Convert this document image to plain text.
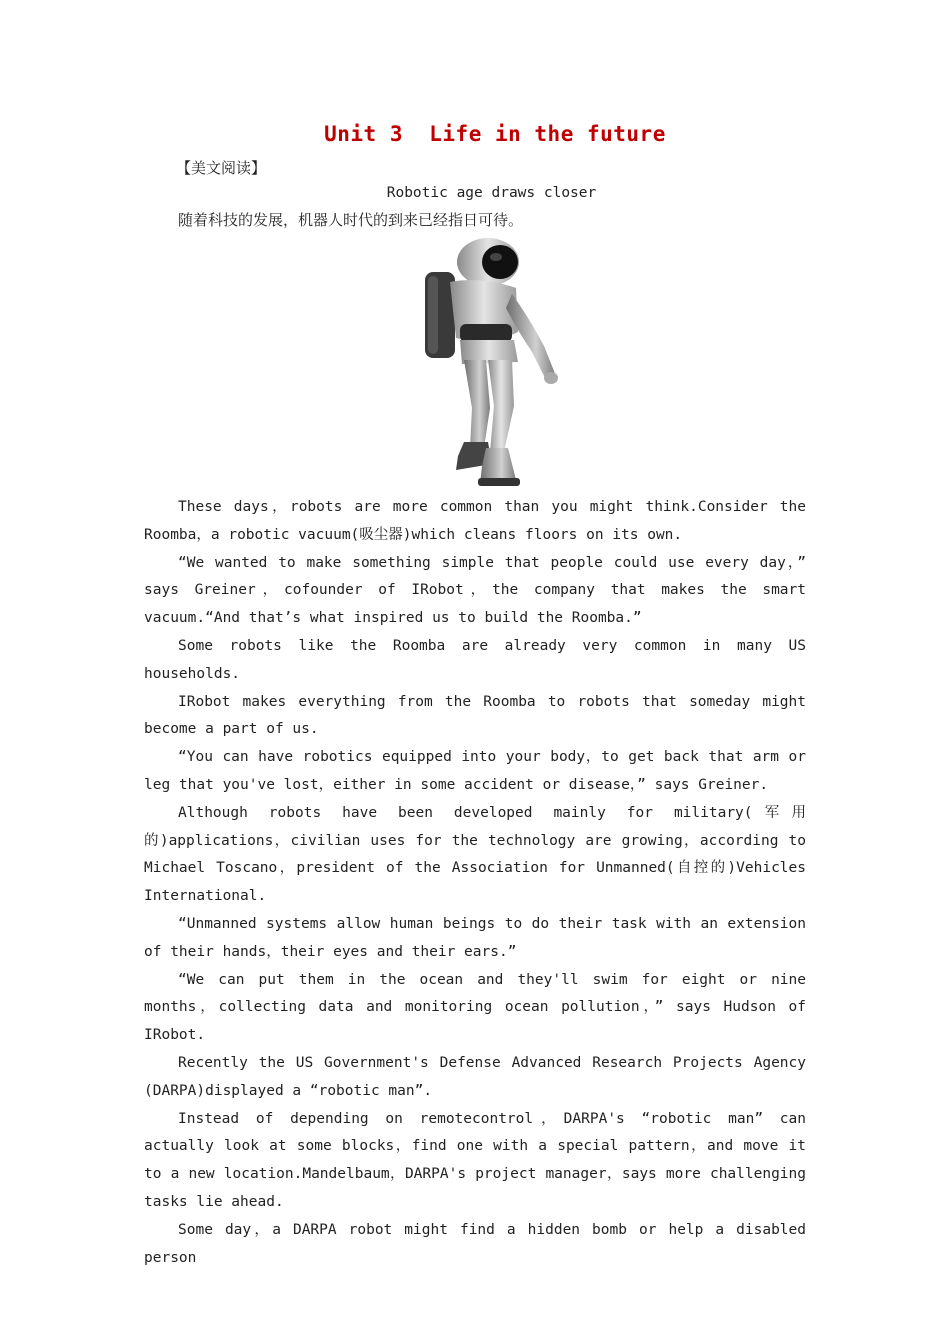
Unit 3  Life in the future
【美文阅读】
Robotic age draws closer
随着科技的发展，机器人时代的到来已经指日可待。

These days，robots are more common than you might think.Consider the Roomba，a robotic vacuum(吸尘器)which cleans floors on its own.

“We wanted to make something simple that people could use every day，” says Greiner，cofounder of IRobot，the company that makes the smart vacuum.“And that’s what inspired us to build the Roomba.”

Some robots like the Roomba are already very common in many US households.

IRobot makes everything from the Roomba to robots that someday might become a part of us.

“You can have robotics equipped into your body，to get back that arm or leg that you've lost，either in some accident or disease，” says Greiner.

Although robots have been developed mainly for military(军用的)applications，civilian uses for the technology are growing，according to Michael Toscano，president of the Association for Unmanned(自控的)Vehicles International.

“Unmanned systems allow human beings to do their task with an extension of their hands，their eyes and their ears.”

“We can put them in the ocean and they'll swim for eight or nine months，collecting data and monitoring ocean pollution，” says Hudson of IRobot.

Recently the US Government's Defense Advanced Research Projects Agency (DARPA)displayed a “robotic man”.

Instead of depending on remotecontrol，DARPA's “robotic man” can actually look at some blocks，find one with a special pattern，and move it to a new location.Mandelbaum，DARPA's project manager，says more challenging tasks lie ahead.

Some day，a DARPA robot might find a hidden bomb or help a disabled person
